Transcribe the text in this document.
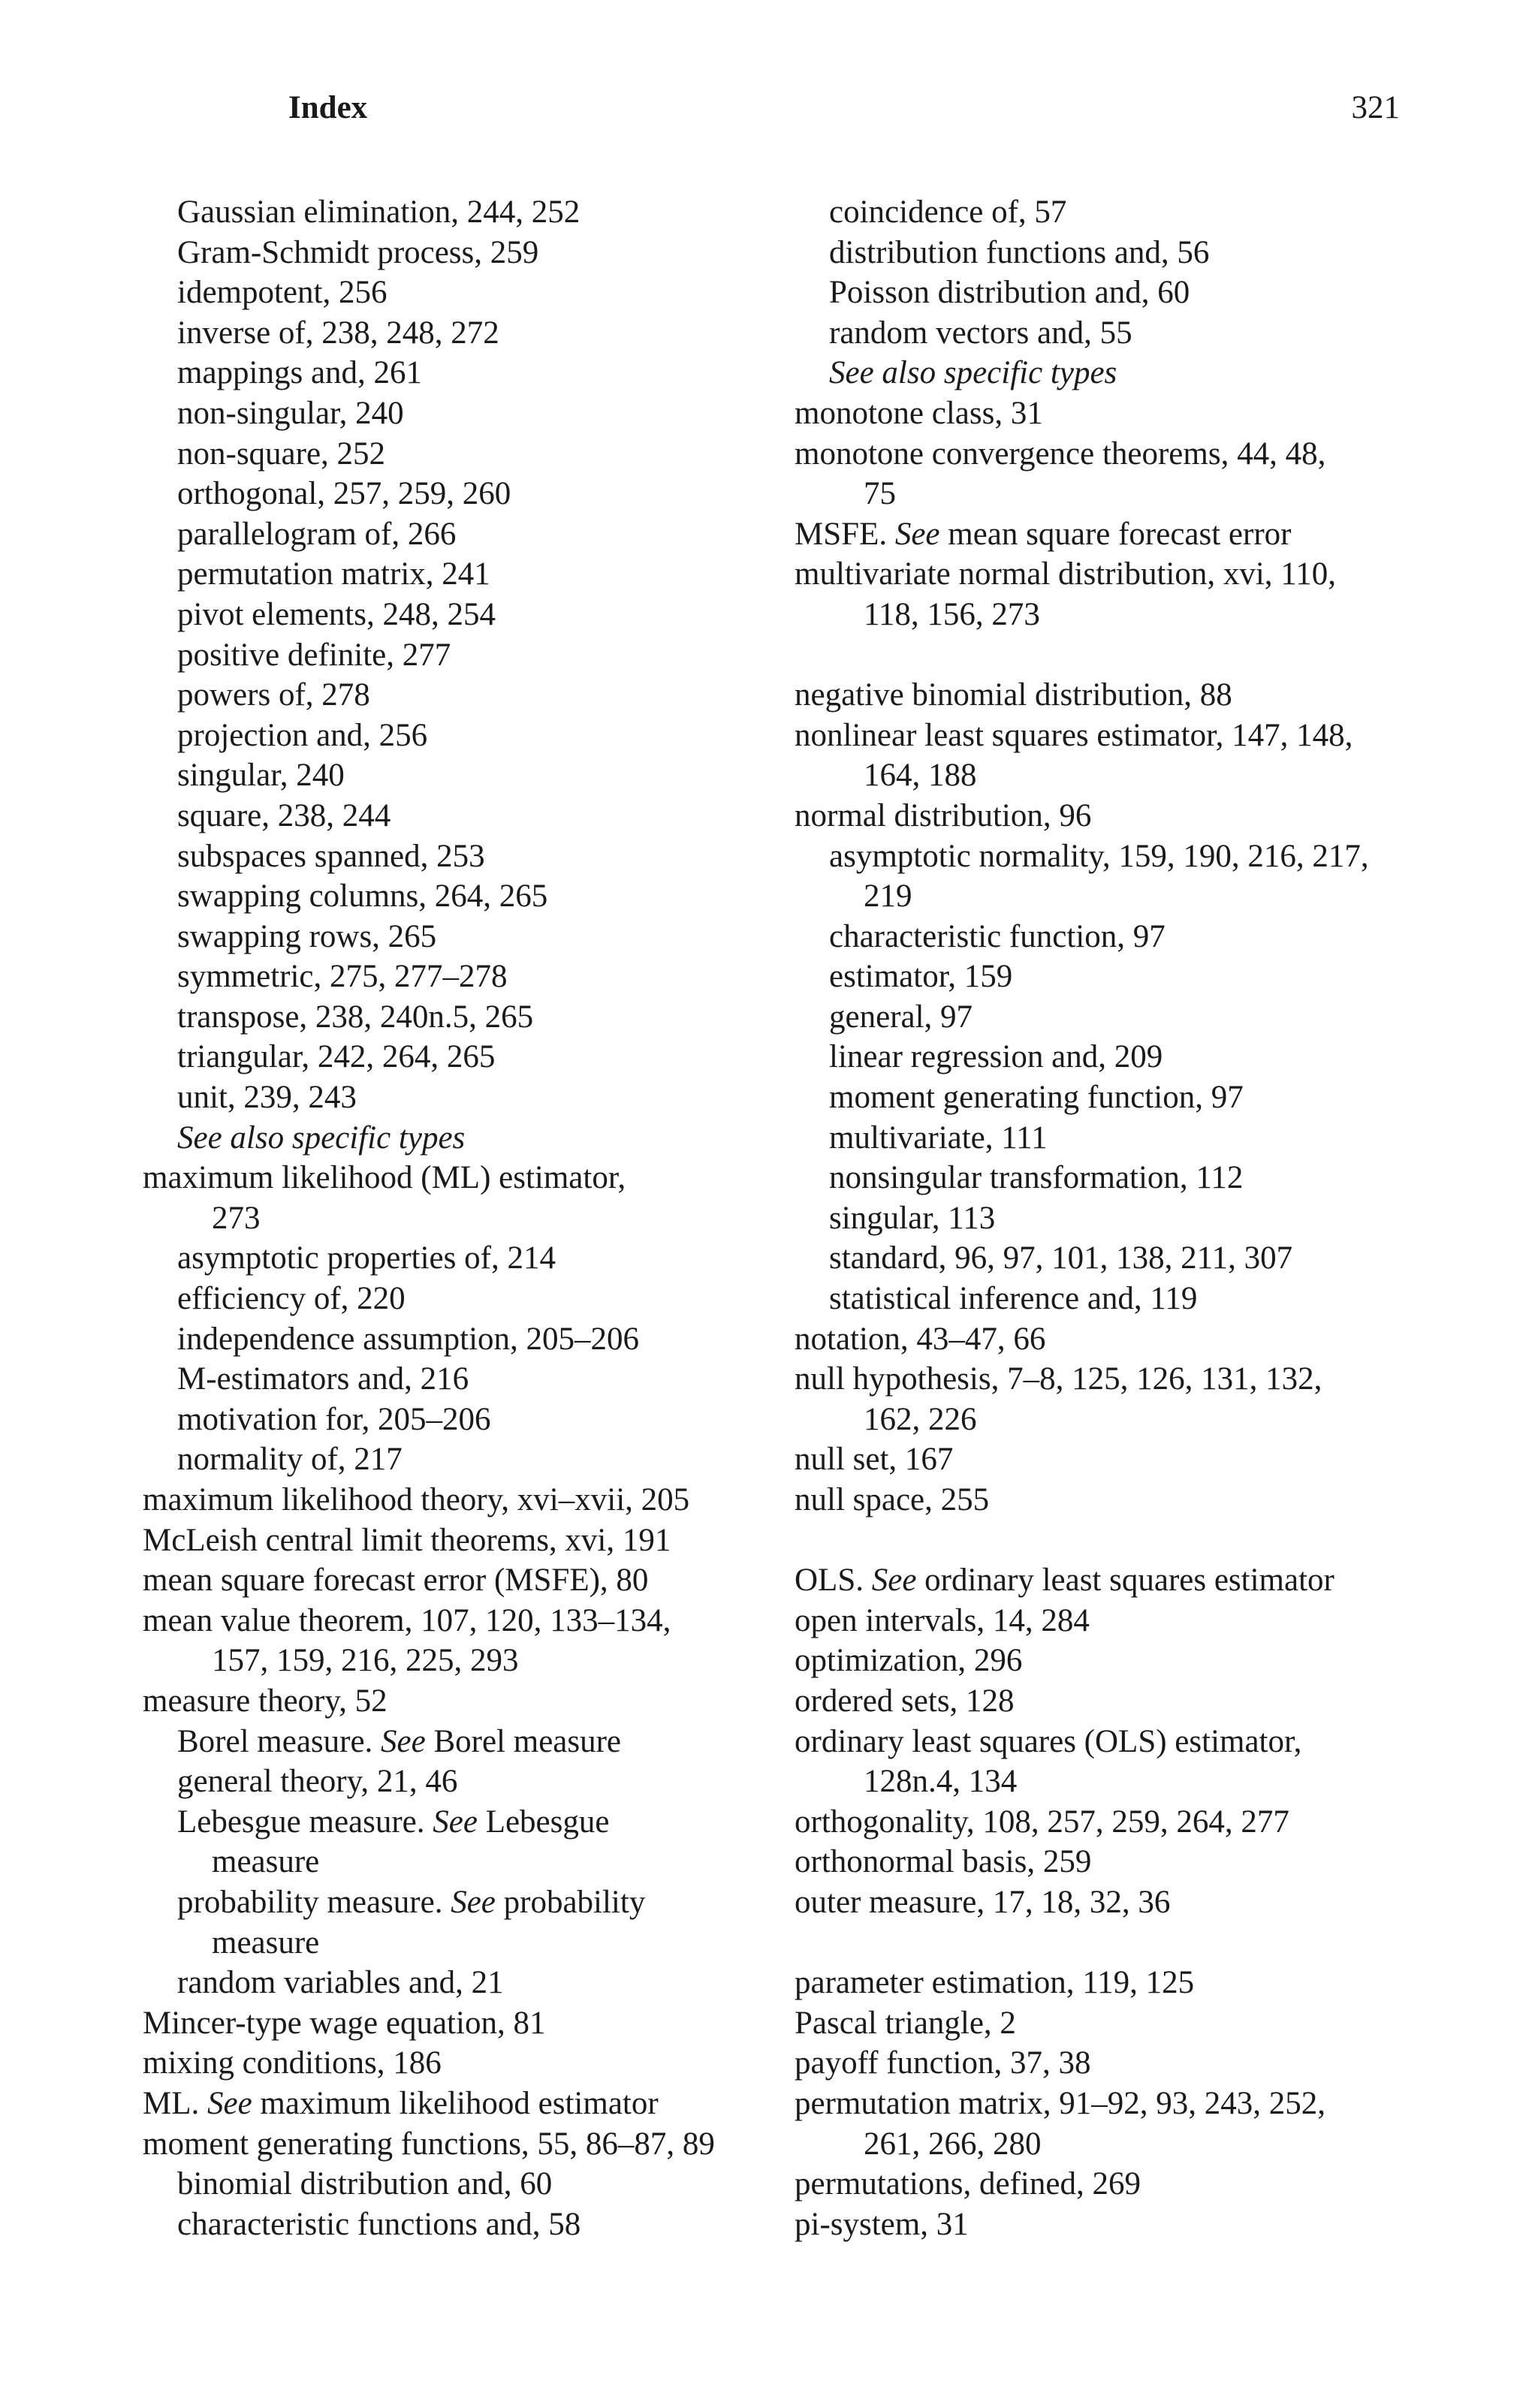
Index	321
Gaussian elimination, 244, 252
Gram-Schmidt process, 259
idempotent, 256
inverse of, 238, 248, 272
mappings and, 261
non-singular, 240
non-square, 252
orthogonal, 257, 259, 260
parallelogram of, 266
permutation matrix, 241
pivot elements, 248, 254
positive definite, 277
powers of, 278
projection and, 256
singular, 240
square, 238, 244
subspaces spanned, 253
swapping columns, 264, 265
swapping rows, 265
symmetric, 275, 277–278
transpose, 238, 240n.5, 265
triangular, 242, 264, 265
unit, 239, 243
See also specific types
maximum likelihood (ML) estimator,
273
asymptotic properties of, 214
efficiency of, 220
independence assumption, 205–206
M-estimators and, 216
motivation for, 205–206
normality of, 217
maximum likelihood theory, xvi–xvii, 205
McLeish central limit theorems, xvi, 191
mean square forecast error (MSFE), 80
mean value theorem, 107, 120, 133–134,
157, 159, 216, 225, 293
measure theory, 52
Borel measure. See Borel measure
general theory, 21, 46
Lebesgue measure. See Lebesgue
measure
probability measure. See probability
measure
random variables and, 21
Mincer-type wage equation, 81
mixing conditions, 186
ML. See maximum likelihood estimator
moment generating functions, 55, 86–87, 89
binomial distribution and, 60
characteristic functions and, 58
coincidence of, 57
distribution functions and, 56
Poisson distribution and, 60
random vectors and, 55
See also specific types
monotone class, 31
monotone convergence theorems, 44, 48,
75
MSFE. See mean square forecast error
multivariate normal distribution, xvi, 110,
118, 156, 273
negative binomial distribution, 88
nonlinear least squares estimator, 147, 148,
164, 188
normal distribution, 96
asymptotic normality, 159, 190, 216, 217,
219
characteristic function, 97
estimator, 159
general, 97
linear regression and, 209
moment generating function, 97
multivariate, 111
nonsingular transformation, 112
singular, 113
standard, 96, 97, 101, 138, 211, 307
statistical inference and, 119
notation, 43–47, 66
null hypothesis, 7–8, 125, 126, 131, 132,
162, 226
null set, 167
null space, 255
OLS. See ordinary least squares estimator
open intervals, 14, 284
optimization, 296
ordered sets, 128
ordinary least squares (OLS) estimator,
128n.4, 134
orthogonality, 108, 257, 259, 264, 277
orthonormal basis, 259
outer measure, 17, 18, 32, 36
parameter estimation, 119, 125
Pascal triangle, 2
payoff function, 37, 38
permutation matrix, 91–92, 93, 243, 252,
261, 266, 280
permutations, defined, 269
pi-system, 31
